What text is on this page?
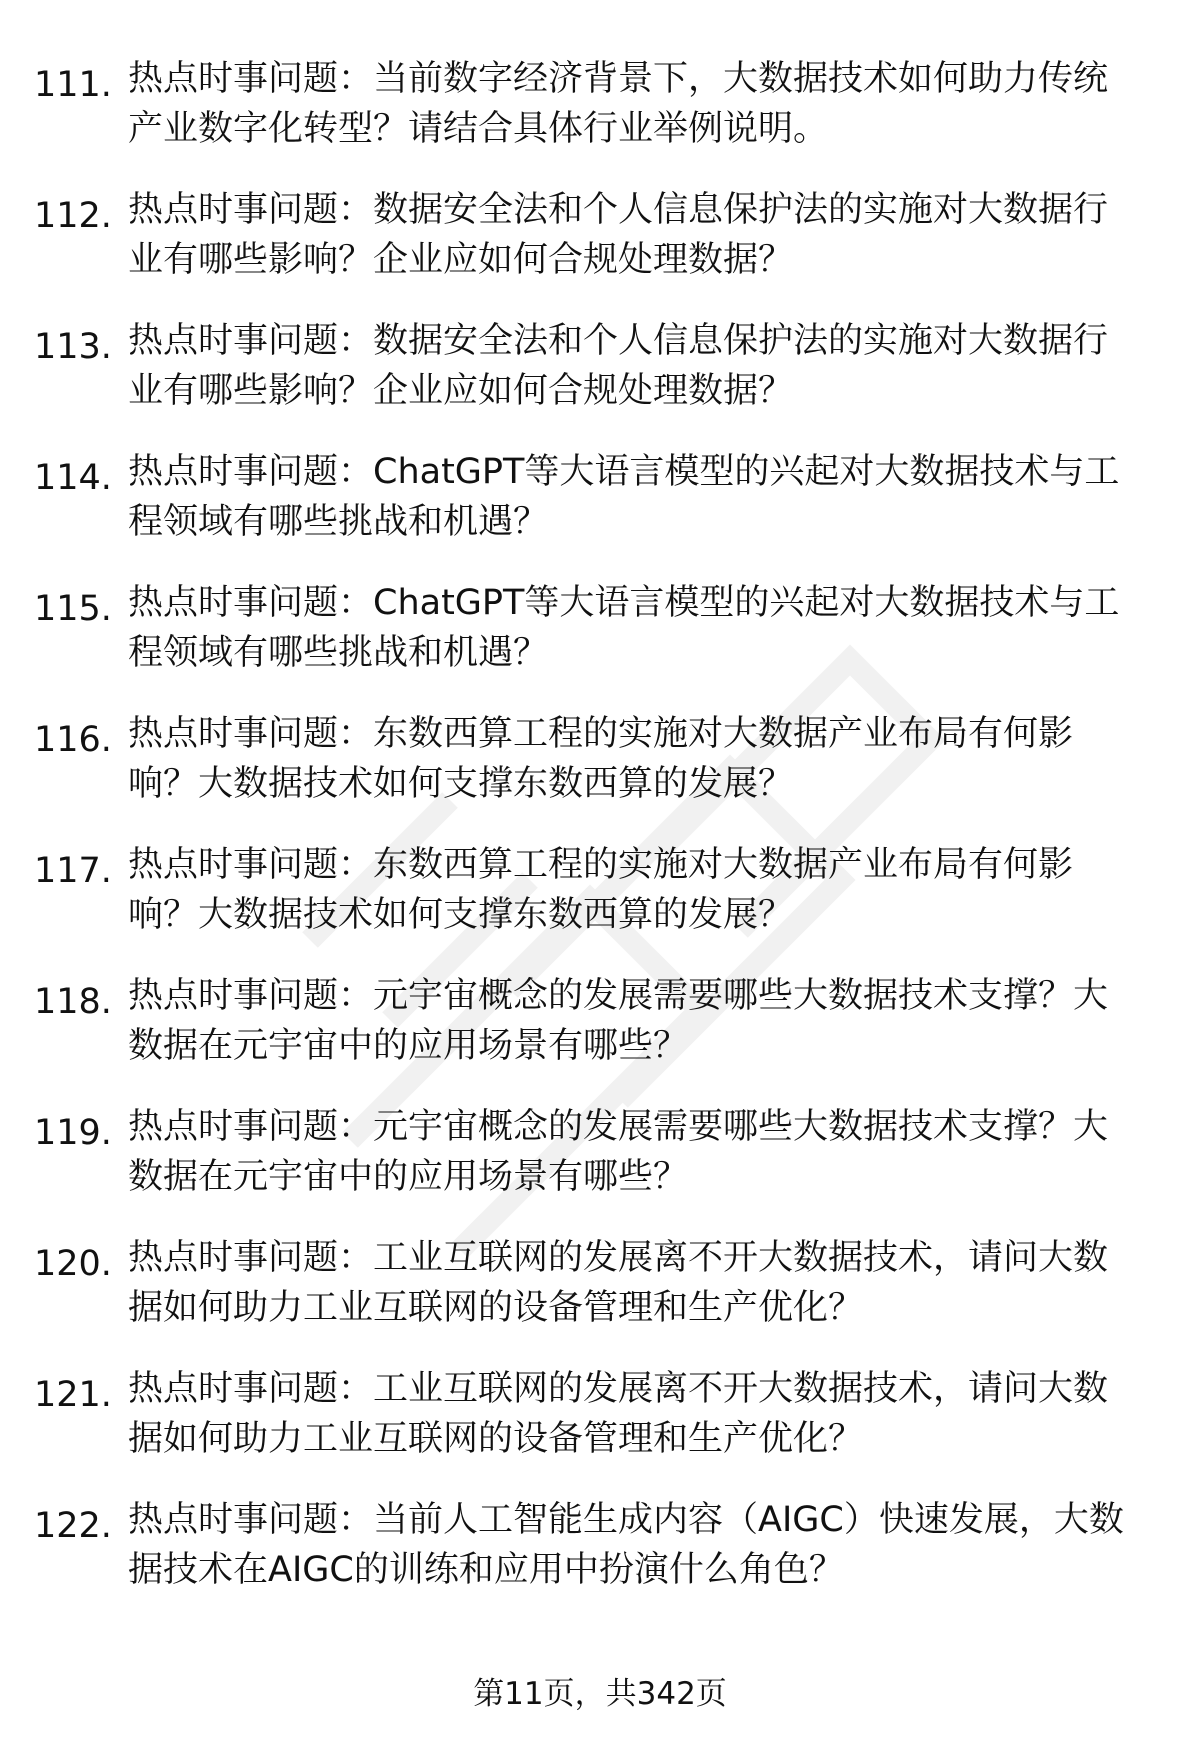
111. 热点时事问题：当前数字经济背景下，大数据技术如何助力传统
产业数字化转型？请结合具体行业举例说明。
112. 热点时事问题：数据安全法和个人信息保护法的实施对大数据行
业有哪些影响？企业应如何合规处理数据？
113. 热点时事问题：数据安全法和个人信息保护法的实施对大数据行
业有哪些影响？企业应如何合规处理数据？
114. 热点时事问题：ChatGPT等大语言模型的兴起对大数据技术与工
程领域有哪些挑战和机遇？
115. 热点时事问题：ChatGPT等大语言模型的兴起对大数据技术与工
程领域有哪些挑战和机遇？
116. 热点时事问题：东数西算工程的实施对大数据产业布局有何影
响？大数据技术如何支撑东数西算的发展？
117. 热点时事问题：东数西算工程的实施对大数据产业布局有何影
响？大数据技术如何支撑东数西算的发展？
118. 热点时事问题：元宇宙概念的发展需要哪些大数据技术支撑？大
数据在元宇宙中的应用场景有哪些？
119. 热点时事问题：元宇宙概念的发展需要哪些大数据技术支撑？大
数据在元宇宙中的应用场景有哪些？
120. 热点时事问题：工业互联网的发展离不开大数据技术，请问大数
据如何助力工业互联网的设备管理和生产优化？
121. 热点时事问题：工业互联网的发展离不开大数据技术，请问大数
据如何助力工业互联网的设备管理和生产优化？
122. 热点时事问题：当前人工智能生成内容（AIGC）快速发展，大数
据技术在AIGC的训练和应用中扮演什么角色？
第11页，共342页
